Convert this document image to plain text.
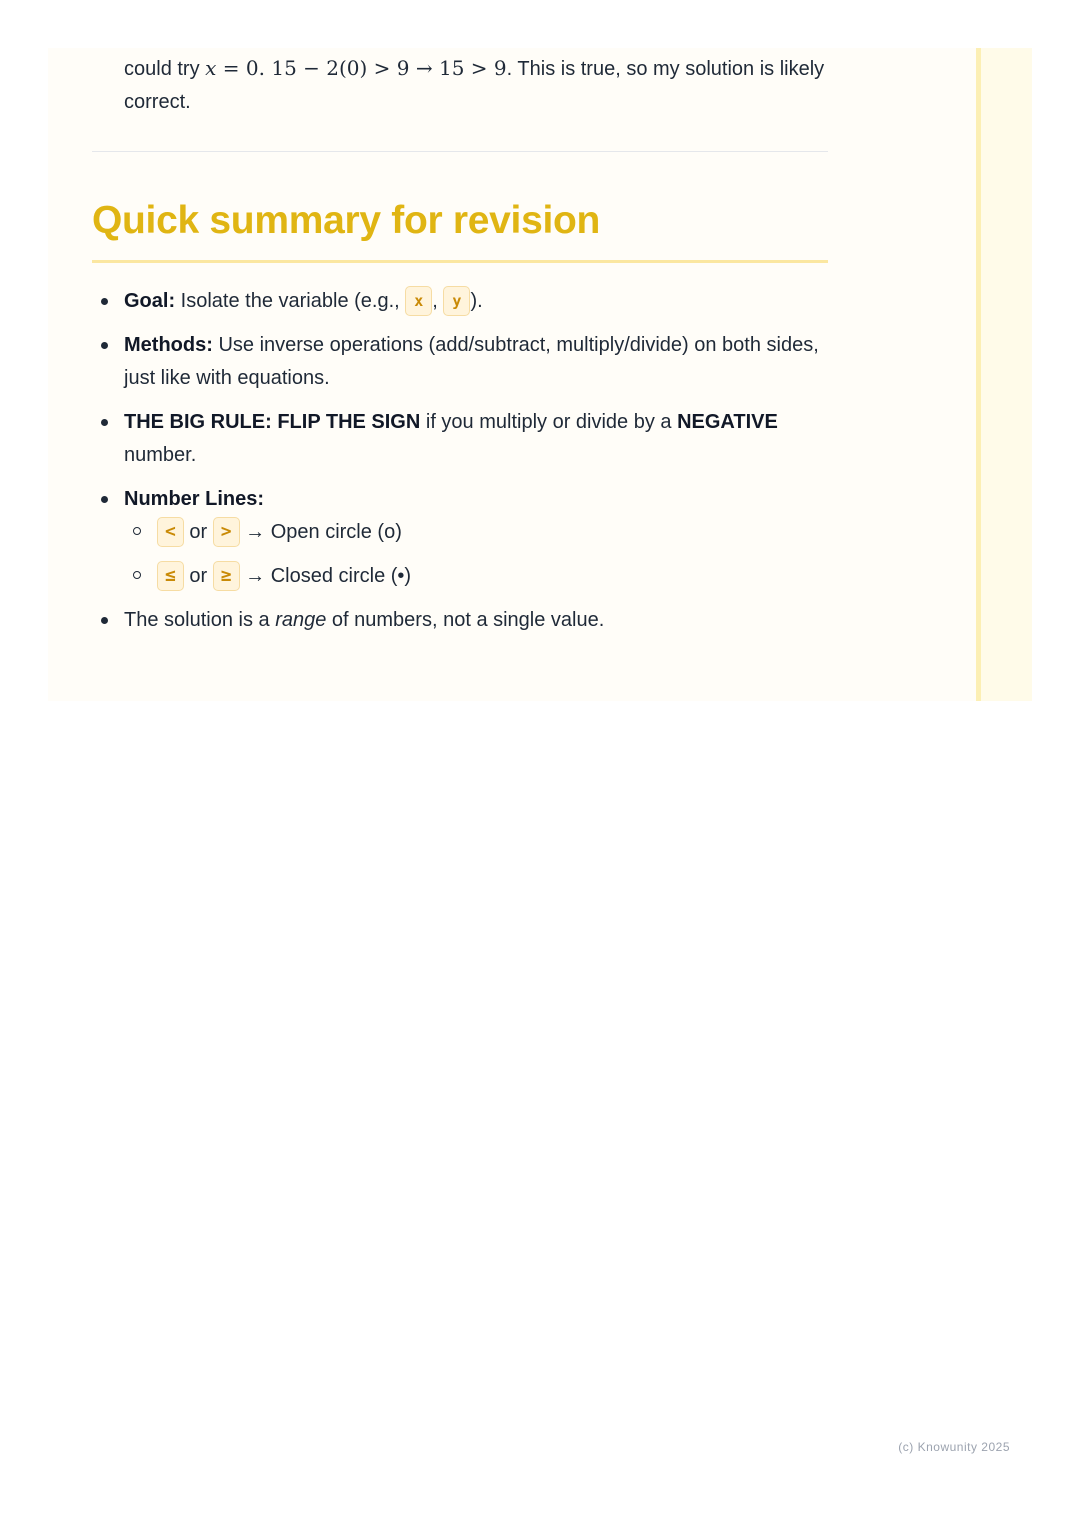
could try x = 0. 15 − 2(0) > 9 → 15 > 9. This is true, so my solution is likely correct.

Quick summary for revision
Goal: Isolate the variable (e.g., x , y ).
Methods: Use inverse operations (add/subtract, multiply/divide) on both sides, just like with equations.
THE BIG RULE: FLIP THE SIGN if you multiply or divide by a NEGATIVE number.
Number Lines:
< or > → Open circle (o)
≤ or ≥ → Closed circle (•)
The solution is a range of numbers, not a single value.
(c) Knowunity 2025
